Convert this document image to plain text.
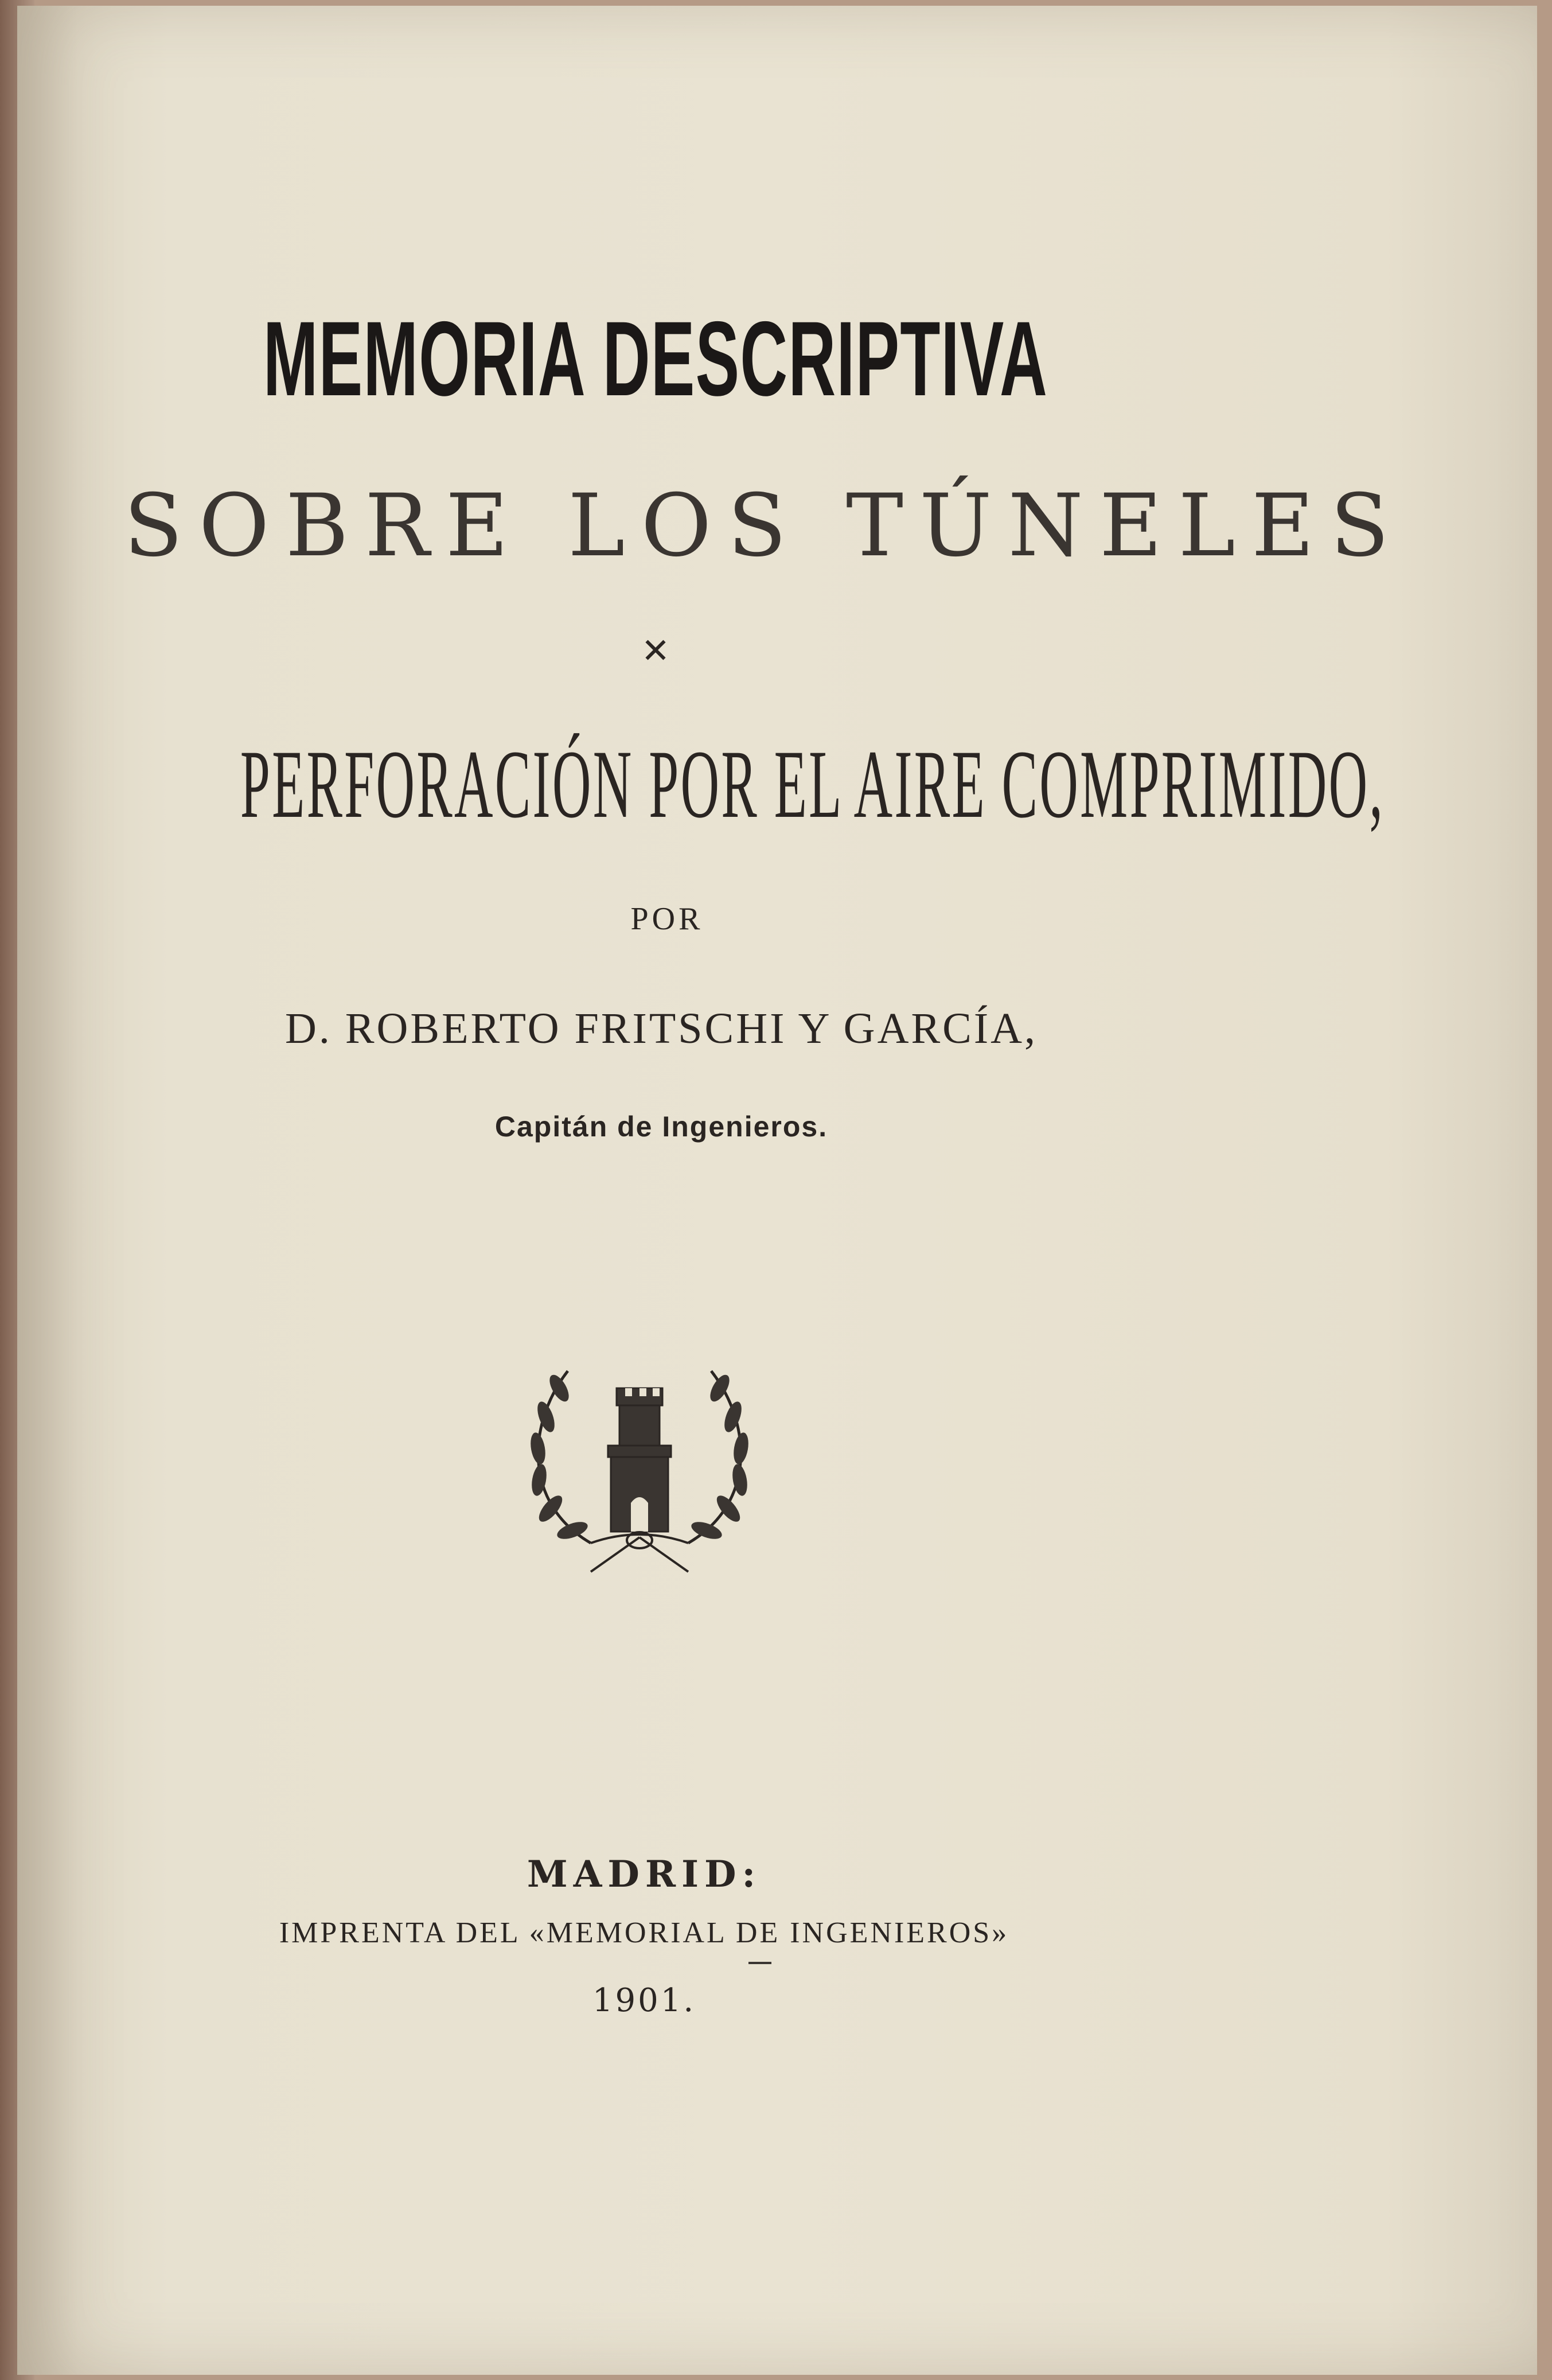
MEMORIA DESCRIPTIVA
SOBRE LOS TÚNELES
✕
PERFORACIÓN POR EL AIRE COMPRIMIDO,
POR
D. ROBERTO FRITSCHI Y GARCÍA,
Capitán de Ingenieros.
MADRID:
IMPRENTA DEL «MEMORIAL DE INGENIEROS»
1901.
